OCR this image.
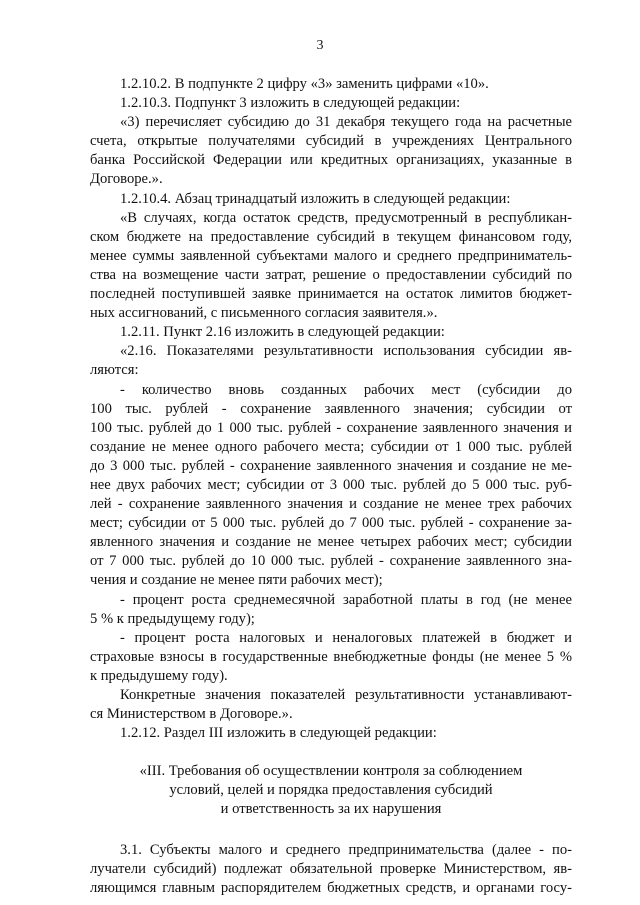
3
1.2.10.2. В подпункте 2 цифру «3» заменить цифрами «10».
1.2.10.3. Подпункт 3 изложить в следующей редакции:
«3) перечисляет субсидию до 31 декабря текущего года на расчетные
счета, открытые получателями субсидий в учреждениях Центрального
банка Российской Федерации или кредитных организациях, указанные в
Договоре.».
1.2.10.4. Абзац тринадцатый изложить в следующей редакции:
«В случаях, когда остаток средств, предусмотренный в республикан-
ском бюджете на предоставление субсидий в текущем финансовом году,
менее суммы заявленной субъектами малого и среднего предприниматель-
ства на возмещение части затрат, решение о предоставлении субсидий по
последней поступившей заявке принимается на остаток лимитов бюджет-
ных ассигнований, с письменного согласия заявителя.».
1.2.11. Пункт 2.16 изложить в следующей редакции:
«2.16. Показателями результативности использования субсидии яв-
ляются:
- количество вновь созданных рабочих мест (субсидии до
100 тыс. рублей - сохранение заявленного значения; субсидии от
100 тыс. рублей до 1 000 тыс. рублей - сохранение заявленного значения и
создание не менее одного рабочего места; субсидии от 1 000 тыс. рублей
до 3 000 тыс. рублей - сохранение заявленного значения и создание не ме-
нее двух рабочих мест; субсидии от 3 000 тыс. рублей до 5 000 тыс. руб-
лей - сохранение заявленного значения и создание не менее трех рабочих
мест; субсидии от 5 000 тыс. рублей до 7 000 тыс. рублей - сохранение за-
явленного значения и создание не менее четырех рабочих мест; субсидии
от 7 000 тыс. рублей до 10 000 тыс. рублей - сохранение заявленного зна-
чения и создание не менее пяти рабочих мест);
- процент роста среднемесячной заработной платы в год (не менее
5 % к предыдущему году);
- процент роста налоговых и неналоговых платежей в бюджет и
страховые взносы в государственные внебюджетные фонды (не менее 5 %
к предыдушему году).
Конкретные значения показателей результативности устанавливают-
ся Министерством в Договоре.».
1.2.12. Раздел III изложить в следующей редакции:
«III. Требования об осуществлении контроля за соблюдением
условий, целей и порядка предоставления субсидий
и ответственность за их нарушения
3.1. Субъекты малого и среднего предпринимательства (далее - по-
лучатели субсидий) подлежат обязательной проверке Министерством, яв-
ляющимся главным распорядителем бюджетных средств, и органами госу-
